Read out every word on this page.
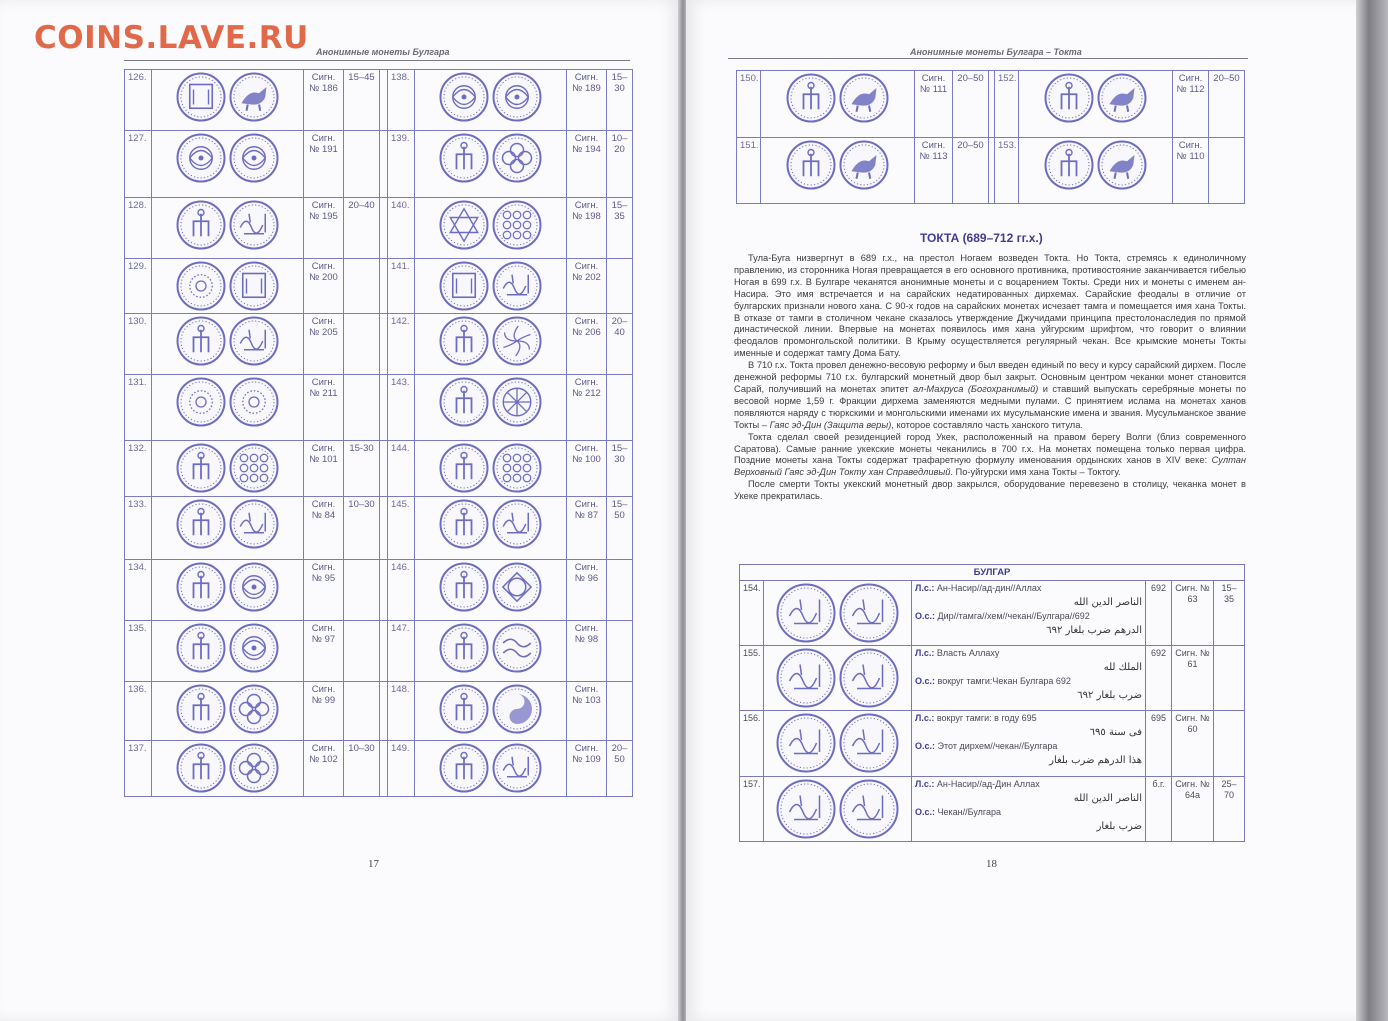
COINS.LAVE.RU Анонимные монеты Булгара
126.		Сигн. № 186	15–45		138.		Сигн. № 189	15–30
127.		Сигн. № 191			139.		Сигн. № 194	10–20
128.		Сигн. № 195	20–40		140.		Сигн. № 198	15–35
129.		Сигн. № 200			141.		Сигн. № 202	
130.		Сигн. № 205			142.		Сигн. № 206	20–40
131.		Сигн. № 211			143.		Сигн. № 212	
132.		Сигн. № 101	15-30		144.		Сигн. № 100	15–30
133.		Сигн. № 84	10–30		145.		Сигн. № 87	15–50
134.		Сигн. № 95			146.		Сигн. № 96	
135.		Сигн. № 97			147.		Сигн. № 98	
136.		Сигн. № 99			148.		Сигн. № 103	
137.		Сигн. № 102	10–30		149.		Сигн. № 109	20–50
17
Анонимные монеты Булгара – Токта
150.		Сигн. № 111	20–50		152.		Сигн. № 112	20–50
151.		Сигн. № 113	20–50		153.		Сигн. № 110	
ТОКТА (689–712 гг.х.)

Тула-Буга низвергнут в 689 г.х., на престол Ногаем возведен Токта. Но Токта, стремясь к единоличному правлению, из сторонника Ногая превращается в его основного противника, противостояние заканчивается гибелью Ногая в 699 г.х. В Булгаре чеканятся анонимные монеты и с воцарением Токты. Среди них и монеты с именем ан-Насира. Это имя встречается и на сарайских недатированных дирхемах. Сарайские феодалы в отличие от булгарских признали нового хана. С 90-х годов на сарайских монетах исчезает тамга и помещается имя хана Токты. В отказе от тамги в столичном чекане сказалось утверждение Джучидами принципа престолонаследия по прямой династической линии. Впервые на монетах появилось имя хана уйгурским шрифтом, что говорит о влиянии феодалов промонгольской политики. В Крыму осуществляется регулярный чекан. Все крымские монеты Токты именные и содержат тамгу Дома Бату.

В 710 г.х. Токта провел денежно-весовую реформу и был введен единый по весу и курсу сарайский дирхем. После денежной реформы 710 г.х. булгарский монетный двор был закрыт. Основным центром чеканки монет становится Сарай, получивший на монетах эпитет ал-Махруса (Богохранимый) и ставший выпускать серебряные монеты по весовой норме 1,59 г. Фракции дирхема заменяются медными пулами. С принятием ислама на монетах ханов появляются наряду с тюркскими и монгольскими именами их мусульманские имена и звания. Мусульманское звание Токты – Гаяс эд-Дин (Защита веры), которое составляло часть ханского титула.

Токта сделал своей резиденцией город Укек, расположенный на правом берегу Волги (близ современного Саратова). Самые ранние укекские монеты чеканились в 700 г.х. На монетах помещена только первая цифра. Поздние монеты хана Токты содержат трафаретную формулу именования ордынских ханов в XIV веке: Султан Верховный Гаяс эд-Дин Токту хан Справедливый. По-уйгурски имя хана Токты – Токтогу.

После смерти Токты укекский монетный двор закрылся, оборудование перевезено в столицу, чеканка монет в Укеке прекратилась.

БУЛГАР					
154.		Л.с.: Ан-Насир//ад-дин//Аллах
الناصر الدين الله
О.с.: Дир//тамга//хем//чекан//Булгара//692
الدرهم ضرب بلغار ٦٩٢	692	Сигн. № 63	15–35
155.		Л.с.: Власть Аллаху
الملك لله
О.с.: вокруг тамги:Чекан Булгара 692
ضرب بلغار ٦٩٢	692	Сигн. № 61	
156.		Л.с.: вокруг тамги: в году 695
فى سنة ٦٩٥
О.с.: Этот дирхем//чекан//Булгара
هذا الدرهم ضرب بلغار	695	Сигн. № 60	
157.		Л.с.: Ан-Насир//ад-Дин Аллах
الناصر الدين الله
О.с.: Чекан//Булгара
ضرب بلغار	б.г.	Сигн. № 64а	25–70
18
